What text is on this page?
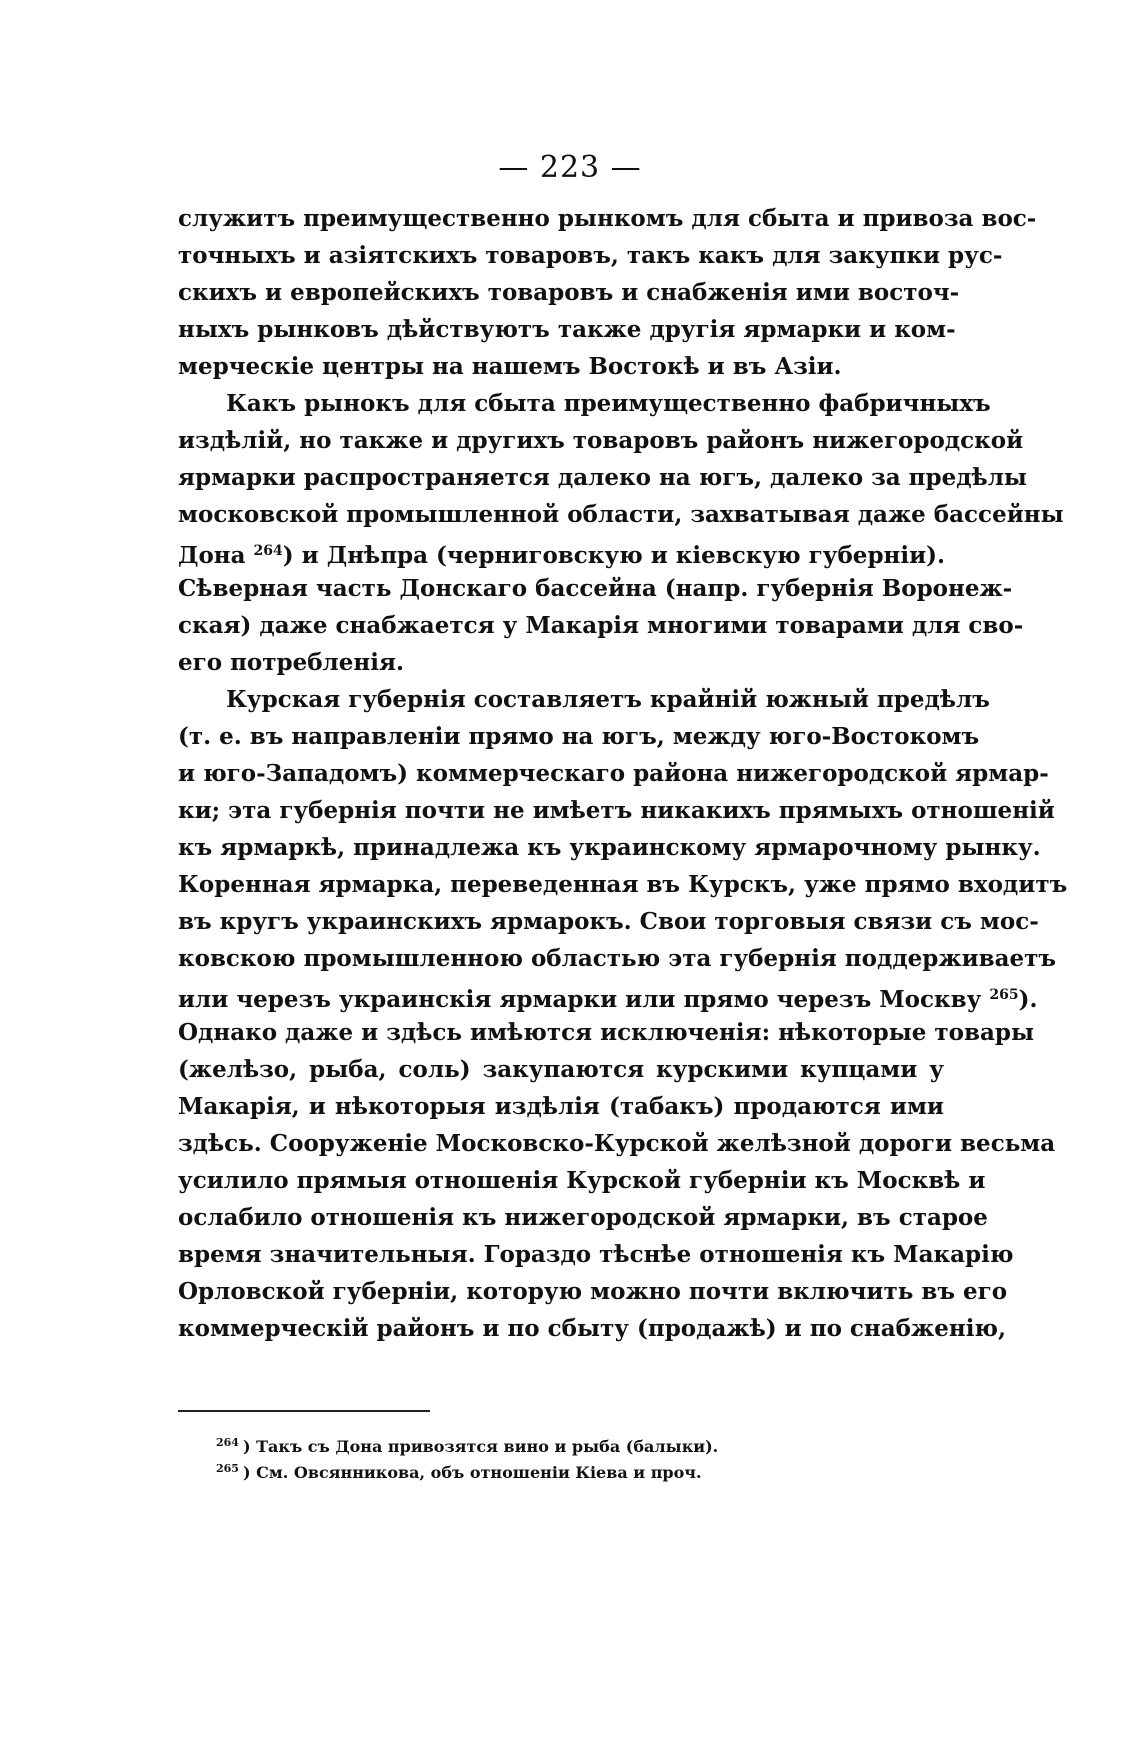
— 223 —
служитъ преимущественно рынкомъ для сбыта и привоза вос-
точныхъ и азіятскихъ товаровъ, такъ какъ для закупки рус-
скихъ и европейскихъ товаровъ и снабженія ими восточ-
ныхъ рынковъ дѣйствуютъ также другія ярмарки и ком-
мерческіе центры на нашемъ Востокѣ и въ Азіи.
Какъ рынокъ для сбыта преимущественно фабричныхъ
издѣлій, но также и другихъ товаровъ районъ нижегородской
ярмарки распространяется далеко на югъ, далеко за предѣлы
московской промышленной области, захватывая даже бассейны
Дона $^{264}$) и Днѣпра (черниговскую и кіевскую губерніи).
Сѣверная часть Донскаго бассейна (напр. губернія Воронеж-
ская) даже снабжается у Макарія многими товарами для сво-
его потребленія.
Курская губернія составляетъ крайній южный предѣлъ
(т. е. въ направленіи прямо на югъ, между юго-Востокомъ
и юго-Западомъ) коммерческаго района нижегородской ярмар-
ки; эта губернія почти не имѣетъ никакихъ прямыхъ отношеній
къ ярмаркѣ, принадлежа къ украинскому ярмарочному рынку.
Коренная ярмарка, переведенная въ Курскъ, уже прямо входитъ
въ кругъ украинскихъ ярмарокъ. Свои торговыя связи съ мос-
ковскою промышленною областью эта губернія поддерживаетъ
или черезъ украинскія ярмарки или прямо черезъ Москву $^{265}$).
Однако даже и здѣсь имѣются исключенія: нѣкоторые товары
(желѣзо, рыба, соль) закупаются курскими купцами у
Макарія, и нѣкоторыя издѣлія (табакъ) продаются ими
здѣсь. Сооруженіе Московско-Курской желѣзной дороги весьма
усилило прямыя отношенія Курской губерніи къ Москвѣ и
ослабило отношенія къ нижегородской ярмарки, въ старое
время значительныя. Гораздо тѣснѣе отношенія къ Макарію
Орловской губерніи, которую можно почти включить въ его
коммерческій районъ и по сбыту (продажѣ) и по снабженію,
$^{264}$ ) Такъ съ Дона привозятся вино и рыба (балыки).
$^{265}$ ) См. Овсянникова, объ отношеніи Кіева и проч.
